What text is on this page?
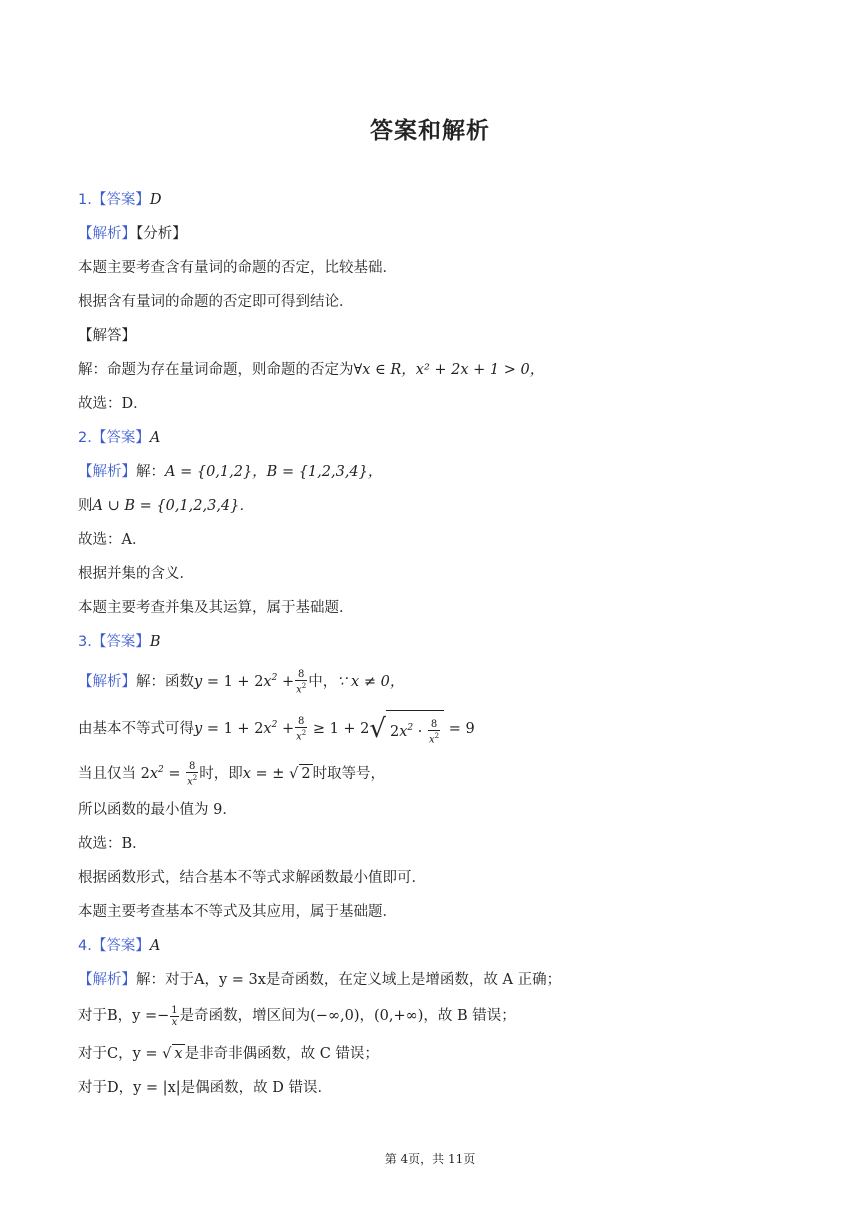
答案和解析
1.【答案】D
【解析】【分析】
本题主要考查含有量词的命题的否定，比较基础．
根据含有量词的命题的否定即可得到结论．
【解答】
解：命题为存在量词命题，则命题的否定为∀x ∈ R，x² + 2x + 1 > 0，
故选：D．
2.【答案】A
【解析】解：A = {0,1,2}，B = {1,2,3,4}，
则A ∪ B = {0,1,2,3,4}．
故选：A．
根据并集的含义．
本题主要考查并集及其运算，属于基础题．
3.【答案】B
【解析】解：函数$y = 1 + 2x^2 + \frac{8}{x^2}$ 中，∵ x ≠ 0，
由基本不等式可得$y = 1 + 2x^2 + \frac{8}{x^2} \ge 1 + 2√$ $2x^2 \cdot \frac{8}{x^2} = 9$
当且仅当 $2x^2 = \frac{8}{x^2}$ 时，即x = ± √ 2 时取等号，
所以函数的最小值为 9．
故选：B．
根据函数形式，结合基本不等式求解函数最小值即可．
本题主要考查基本不等式及其应用，属于基础题．
4.【答案】A
【解析】解：对于A，y = 3x是奇函数，在定义域上是增函数，故 A 正确；
对于B，$y =- \frac{1}{x}$ 是奇函数，增区间为(−∞,0)，(0,+∞)，故 B 错误；
对于C，y = √ x 是非奇非偶函数，故 C 错误；
对于D，y = |x|是偶函数，故 D 错误．
第 4页，共 11页
